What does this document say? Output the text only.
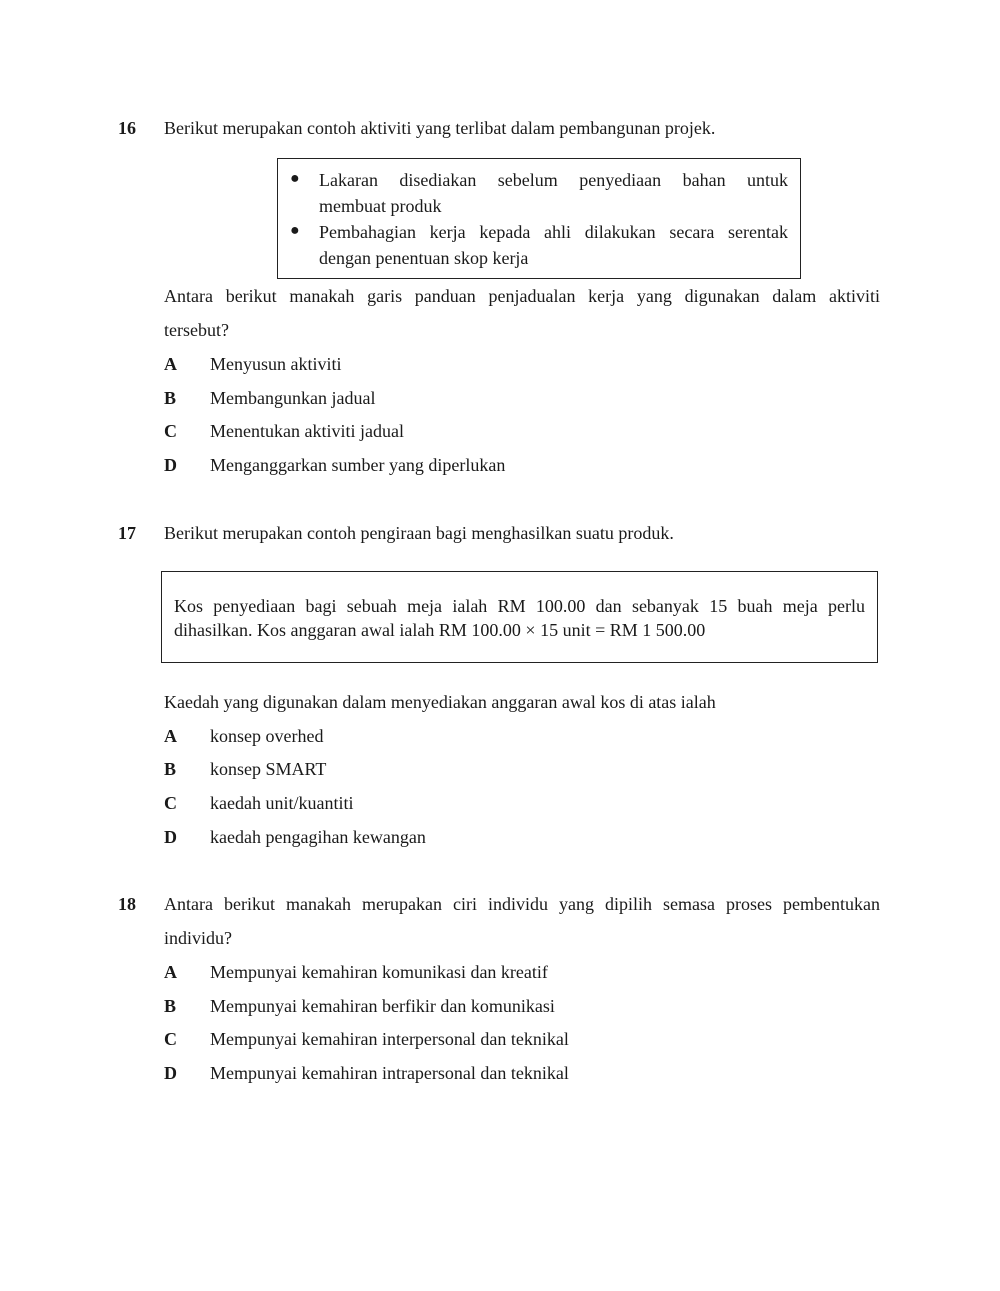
16 Berikut merupakan contoh aktiviti yang terlibat dalam pembangunan projek.
● Lakaran disediakan sebelum penyediaan bahan untuk
membuat produk
● Pembahagian kerja kepada ahli dilakukan secara serentak
dengan penentuan skop kerja
Antara berikut manakah garis panduan penjadualan kerja yang digunakan dalam aktiviti
tersebut?
A Menyusun aktiviti
B Membangunkan jadual
C Menentukan aktiviti jadual
D Menganggarkan sumber yang diperlukan
17 Berikut merupakan contoh pengiraan bagi menghasilkan suatu produk.
Kos penyediaan bagi sebuah meja ialah RM 100.00 dan sebanyak 15 buah meja perlu
dihasilkan. Kos anggaran awal ialah RM 100.00 × 15 unit = RM 1 500.00
Kaedah yang digunakan dalam menyediakan anggaran awal kos di atas ialah
A konsep overhed
B konsep SMART
C kaedah unit/kuantiti
D kaedah pengagihan kewangan
18 Antara berikut manakah merupakan ciri individu yang dipilih semasa proses pembentukan
individu?
A Mempunyai kemahiran komunikasi dan kreatif
B Mempunyai kemahiran berfikir dan komunikasi
C Mempunyai kemahiran interpersonal dan teknikal
D Mempunyai kemahiran intrapersonal dan teknikal
